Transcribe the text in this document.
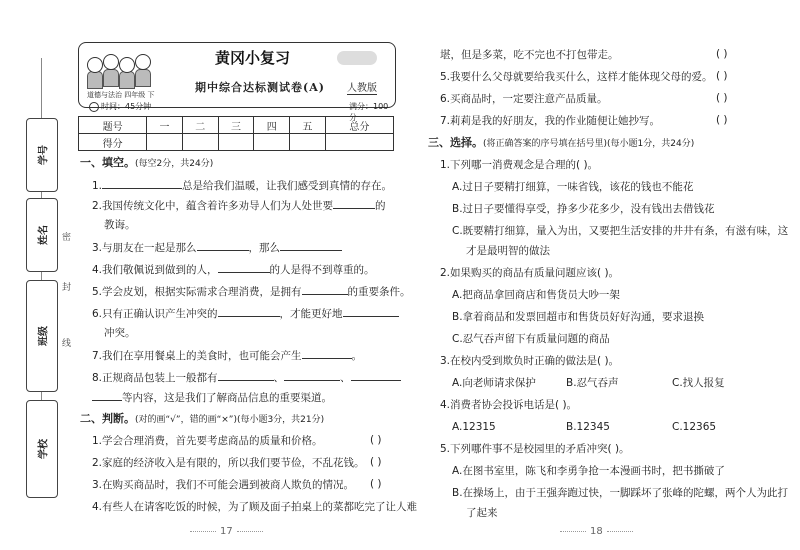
学号
姓名
班级
学校
密
封
线
黄冈小复习
道德与法治 四年级 下
期中综合达标测试卷(A) 人教版
时间：45分钟	满分：100分
题号	一	二	三	四	五	总分
得分						
一、填空。(每空2分，共24分)
1.	总是给我们温暖，让我们感受到真情的存在。
2.我国传统文化中，蕴含着许多劝导人们为人处世要	的
教诲。
3.与朋友在一起是那么	，那么
4.我们敬佩说到做到的人，	的人是得不到尊重的。
5.学会皮划，根据实际需求合理消费，是拥有	的重要条件。
6.只有正确认识产生冲突的	，才能更好地
冲突。
7.我们在享用餐桌上的美食时，也可能会产生	。
8.正规商品包装上一般都有	、	、
等内容，这是我们了解商品信息的重要渠道。
二、判断。(对的画“√”，错的画“×”)(每小题3分，共21分)
1.学会合理消费，首先要考虑商品的质量和价格。	( )
2.家庭的经济收入是有限的，所以我们要节俭，不乱花钱。 ( )
3.在购买商品时，我们不可能会遇到被商人欺负的情况。 ( )
4.有些人在请客吃饭的时候，为了顾及面子拍桌上的菜都吃完了让人难
17
堪，但是多菜，吃不完也不打包带走。	( )
5.我要什么父母就要给我买什么，这样才能体现父母的爱。 ( )
6.买商品时，一定要注意产品质量。	( )
7.莉莉是我的好朋友，我的作业随便让她抄写。	( )
三、选择。(将正确答案的序号填在括号里)(每小题1分，共24分)
1.下列哪一消费观念是合理的( )。
A.过日子要精打细算，一味省钱，该花的钱也不能花
B.过日子要懂得享受，挣多少花多少，没有钱出去借钱花
C.既要精打细算，量入为出，又要把生活安排的井井有条，有滋有味，这
才是最明智的做法
2.如果购买的商品有质量问题应该( )。
A.把商品拿回商店和售货员大吵一架
B.拿着商品和发票回超市和售货员好好沟通，要求退换
C.忍气吞声留下有质量问题的商品
3.在校内受到欺负时正确的做法是( )。
A.向老师请求保护	B.忍气吞声	C.找人报复
4.消费者协会投诉电话是( )。
A.12315	B.12345	C.12365
5.下列哪件事不是校园里的矛盾冲突( )。
A.在图书室里，陈飞和李勇争抢一本漫画书时，把书撕破了
B.在操场上，由于王强奔跑过快，一脚踩坏了张峰的陀螺，两个人为此打
了起来
18
